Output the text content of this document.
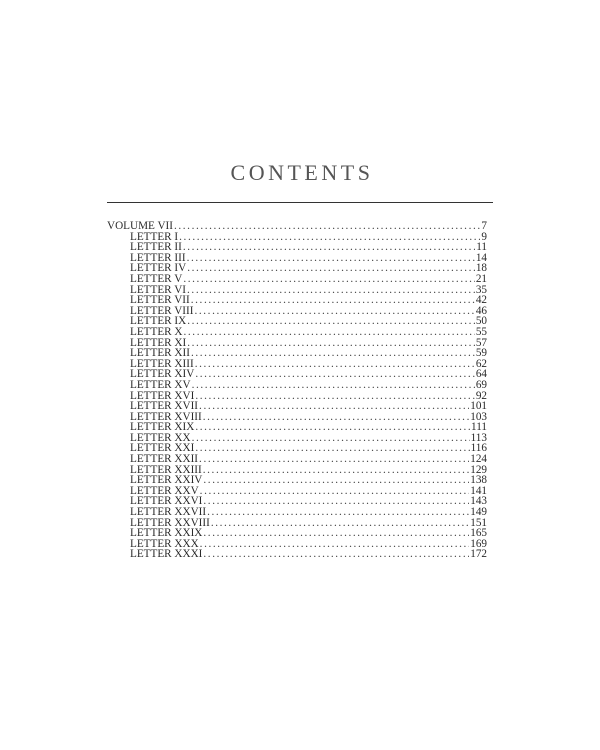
CONTENTS
VOLUME VII .....	7
LETTER I .....	9
LETTER II .....	11
LETTER III .....	14
LETTER IV .....	18
LETTER V .....	21
LETTER VI .....	35
LETTER VII .....	42
LETTER VIII .....	46
LETTER IX .....	50
LETTER X .....	55
LETTER XI .....	57
LETTER XII .....	59
LETTER XIII .....	62
LETTER XIV .....	64
LETTER XV .....	69
LETTER XVI .....	92
LETTER XVII .....	101
LETTER XVIII .....	103
LETTER XIX .....	111
LETTER XX .....	113
LETTER XXI .....	116
LETTER XXII .....	124
LETTER XXIII .....	129
LETTER XXIV .....	138
LETTER XXV .....	141
LETTER XXVI .....	143
LETTER XXVII .....	149
LETTER XXVIII .....	151
LETTER XXIX .....	165
LETTER XXX .....	169
LETTER XXXI .....	172
